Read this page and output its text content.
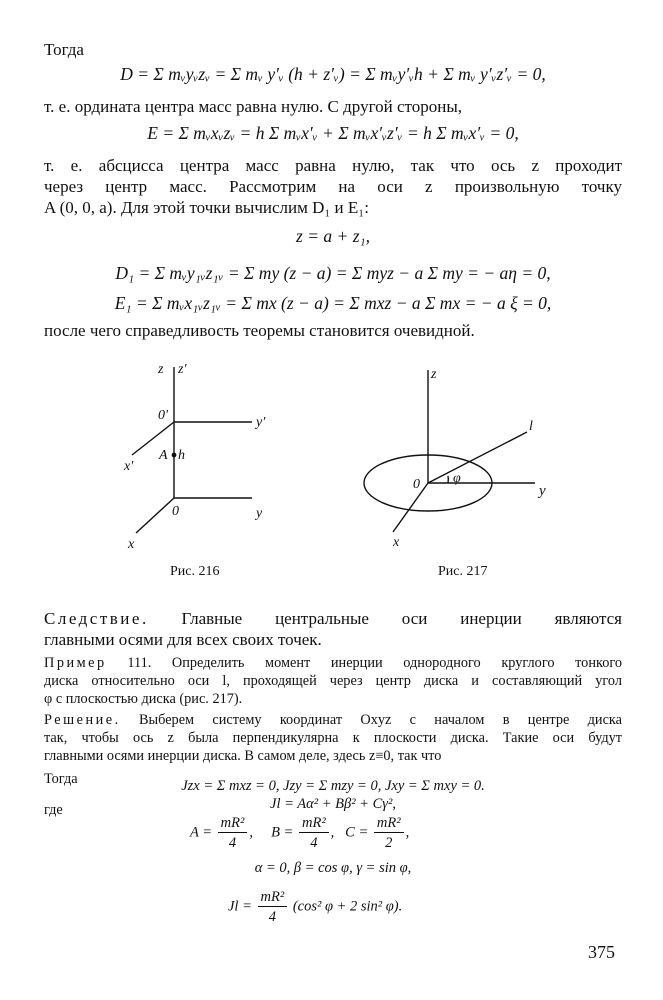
Тогда
D = Σ mᵥyᵥzᵥ = Σ mᵥ y′ᵥ (h + z′ᵥ) = Σ mᵥy′ᵥh + Σ mᵥ y′ᵥz′ᵥ = 0,
т. е. ордината центра масс равна нулю. С другой стороны,
E = Σ mᵥxᵥzᵥ = h Σ mᵥx′ᵥ + Σ mᵥx′ᵥz′ᵥ = h Σ mᵥx′ᵥ = 0,
т. е. абсцисса центра масс равна нулю, так что ось z проходит
через центр масс. Рассмотрим на оси z произвольную точку
A (0, 0, a). Для этой точки вычислим D₁ и E₁:
z = a + z₁,
D₁ = Σ mᵥy₁ᵥz₁ᵥ = Σ my (z − a) = Σ myz − a Σ my = − aη = 0,
E₁ = Σ mᵥx₁ᵥz₁ᵥ = Σ mx (z − a) = Σ mxz − a Σ mx = − a ξ = 0,
после чего справедливость теоремы становится очевидной.
z z′
0′	y′
x′
A h
0	y
x
Рис. 216
z
l
0 φ
y
x
Рис. 217
Следствие. Главные центральные оси инерции являются
главными осями для всех своих точек.
Пример 111. Определить момент инерции однородного круглого тонкого
диска относительно оси l, проходящей через центр диска и составляющий угол
φ с плоскостью диска (рис. 217).
Решение. Выберем систему координат Oxyz с началом в центре диска
так, чтобы ось z была перпендикулярна к плоскости диска. Такие оси будут
главными осями инерции диска. В самом деле, здесь z≡0, так что
Jzx = Σ mxz = 0, Jzy = Σ mzy = 0, Jxy = Σ mxy = 0.
Тогда
Jl = Aα² + Bβ² + Cγ²,
где
$A = \frac{\text{mR²}}{4}$ ,     $B = \frac{\text{mR²}}{4}$ ,   $C = \frac{\text{mR²}}{2}$ ,
α = 0, β = cos φ, γ = sin φ,
$Jl = \frac{\text{mR²}}{4} (\cos^2$ φ + 2 sin² φ).
375
